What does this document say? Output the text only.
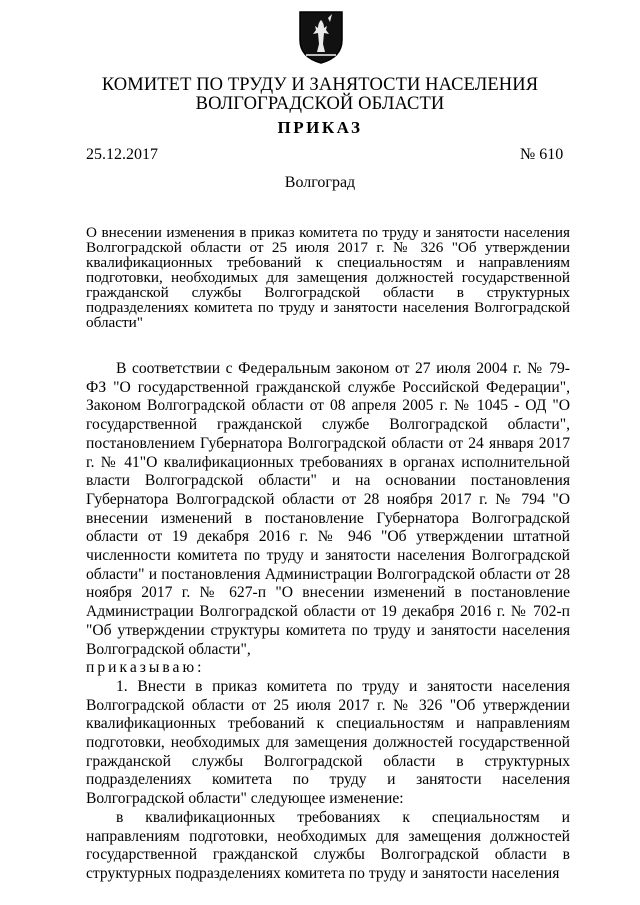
КОМИТЕТ ПО ТРУДУ И ЗАНЯТОСТИ НАСЕЛЕНИЯ
ВОЛГОГРАДСКОЙ ОБЛАСТИ
ПРИКАЗ
25.12.2017	№ 610
Волгоград
О внесении изменения в приказ комитета по труду и занятости населения Волгоградской области от 25 июля 2017 г. № 326 "Об утверждении квалификационных требований к специальностям и направлениям подготовки, необходимых для замещения должностей государственной гражданской службы Волгоградской области в структурных подразделениях комитета по труду и занятости населения Волгоградской области"

В соответствии с Федеральным законом от 27 июля 2004 г. № 79-ФЗ "О государственной гражданской службе Российской Федерации", Законом Волгоградской области от 08 апреля 2005 г. № 1045 - ОД "О государственной гражданской службе Волгоградской области", постановлением Губернатора Волгоградской области от 24 января 2017 г. № 41"О квалификационных требованиях в органах исполнительной власти Волгоградской области" и на основании постановления Губернатора Волгоградской области от 28 ноября 2017 г. № 794 "О внесении изменений в постановление Губернатора Волгоградской области от 19 декабря 2016 г. № 946 "Об утверждении штатной численности комитета по труду и занятости населения Волгоградской области" и постановления Администрации Волгоградской области от 28 ноября 2017 г. № 627-п "О внесении изменений в постановление Администрации Волгоградской области от 19 декабря 2016 г. № 702-п "Об утверждении структуры комитета по труду и занятости населения Волгоградской области",

приказываю:

1. Внести в приказ комитета по труду и занятости населения Волгоградской области от 25 июля 2017 г. № 326 "Об утверждении квалификационных требований к специальностям и направлениям подготовки, необходимых для замещения должностей государственной гражданской службы Волгоградской области в структурных подразделениях комитета по труду и занятости населения Волгоградской области" следующее изменение:

в квалификационных требованиях к специальностям и направлениям подготовки, необходимых для замещения должностей государственной гражданской службы Волгоградской области в структурных подразделениях комитета по труду и занятости населения
